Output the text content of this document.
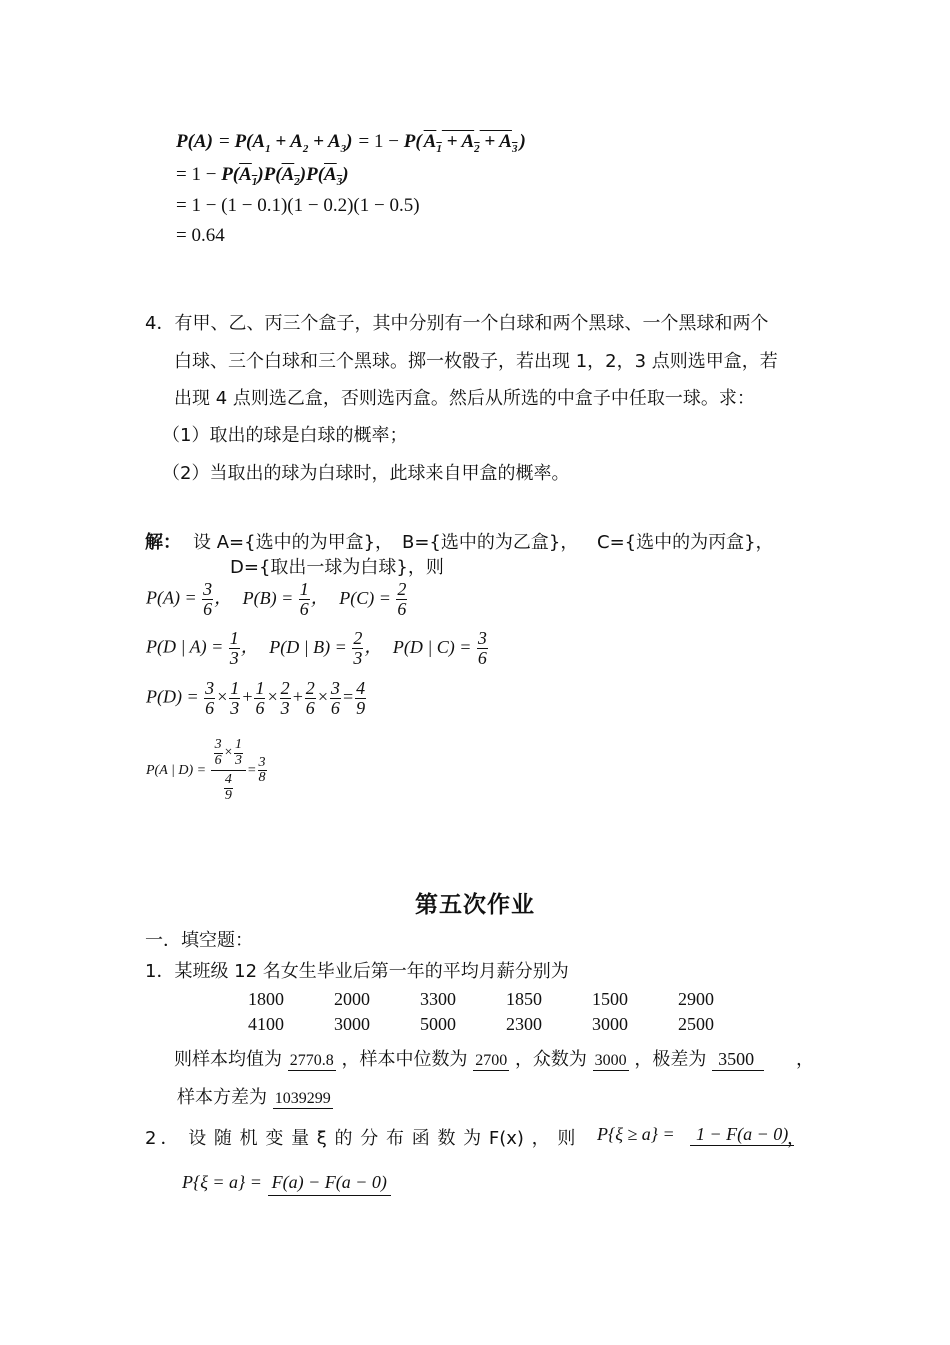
$P(A) = P(A_1 + A_2 + A_3) = 1 - P$( $A_1 + A_2 + A_3$ )
= $1 - P(A_1)P(A_2)P(A_3)$
= 1 − (1 − 0.1)(1 − 0.2)(1 − 0.5)
= 0.64
4．有甲、乙、丙三个盒子，其中分别有一个白球和两个黑球、一个黑球和两个
白球、三个白球和三个黑球。掷一枚骰子，若出现 1，2，3 点则选甲盒，若
出现 4 点则选乙盒，否则选丙盒。然后从所选的中盒子中任取一球。求：
（1）取出的球是白球的概率；
（2）当取出的球为白球时，此球来自甲盒的概率。
解： 设 A={选中的为甲盒}， B={选中的为乙盒}， C={选中的为丙盒}，
D={取出一球为白球}，则
$P(A) = \frac{3}{6}$ ， $P(B) = \frac{1}{6}$ ， $P(C) = \frac{2}{6}$
P(D | $A) = \frac{1}{3}$ ， P(D | $B) = \frac{2}{3}$ ， P(D | $C) = \frac{3}{6}$
$P(D) = \frac{3}{6} \times \frac{1}{3} + \frac{1}{6} \times \frac{2}{3} + \frac{2}{6} \times \frac{3}{6} = \frac{4}{9}$
P(A | $D) = \frac{\frac{3}{6} \times \frac{1}{3}}{\frac{4}{9}} = \frac{3}{8}$
第五次作业
一．填空题：
1．某班级 12 名女生毕业后第一年的平均月薪分别为
1800	2000	3300	1850	1500	2900
4100	3000	5000	2300	3000	2500
则样本均值为 2770.8 ，样本中位数为 2700 ，众数为 3000 ，极差为 3500 ，
样本方差为 1039299
2． 设 随 机 变 量 ξ 的 分 布 函 数 为 F(x) ， 则 P{ξ ≥ a} =	1 − F(a − 0)
，
P{ξ = a} = F(a) − F(a − 0)
